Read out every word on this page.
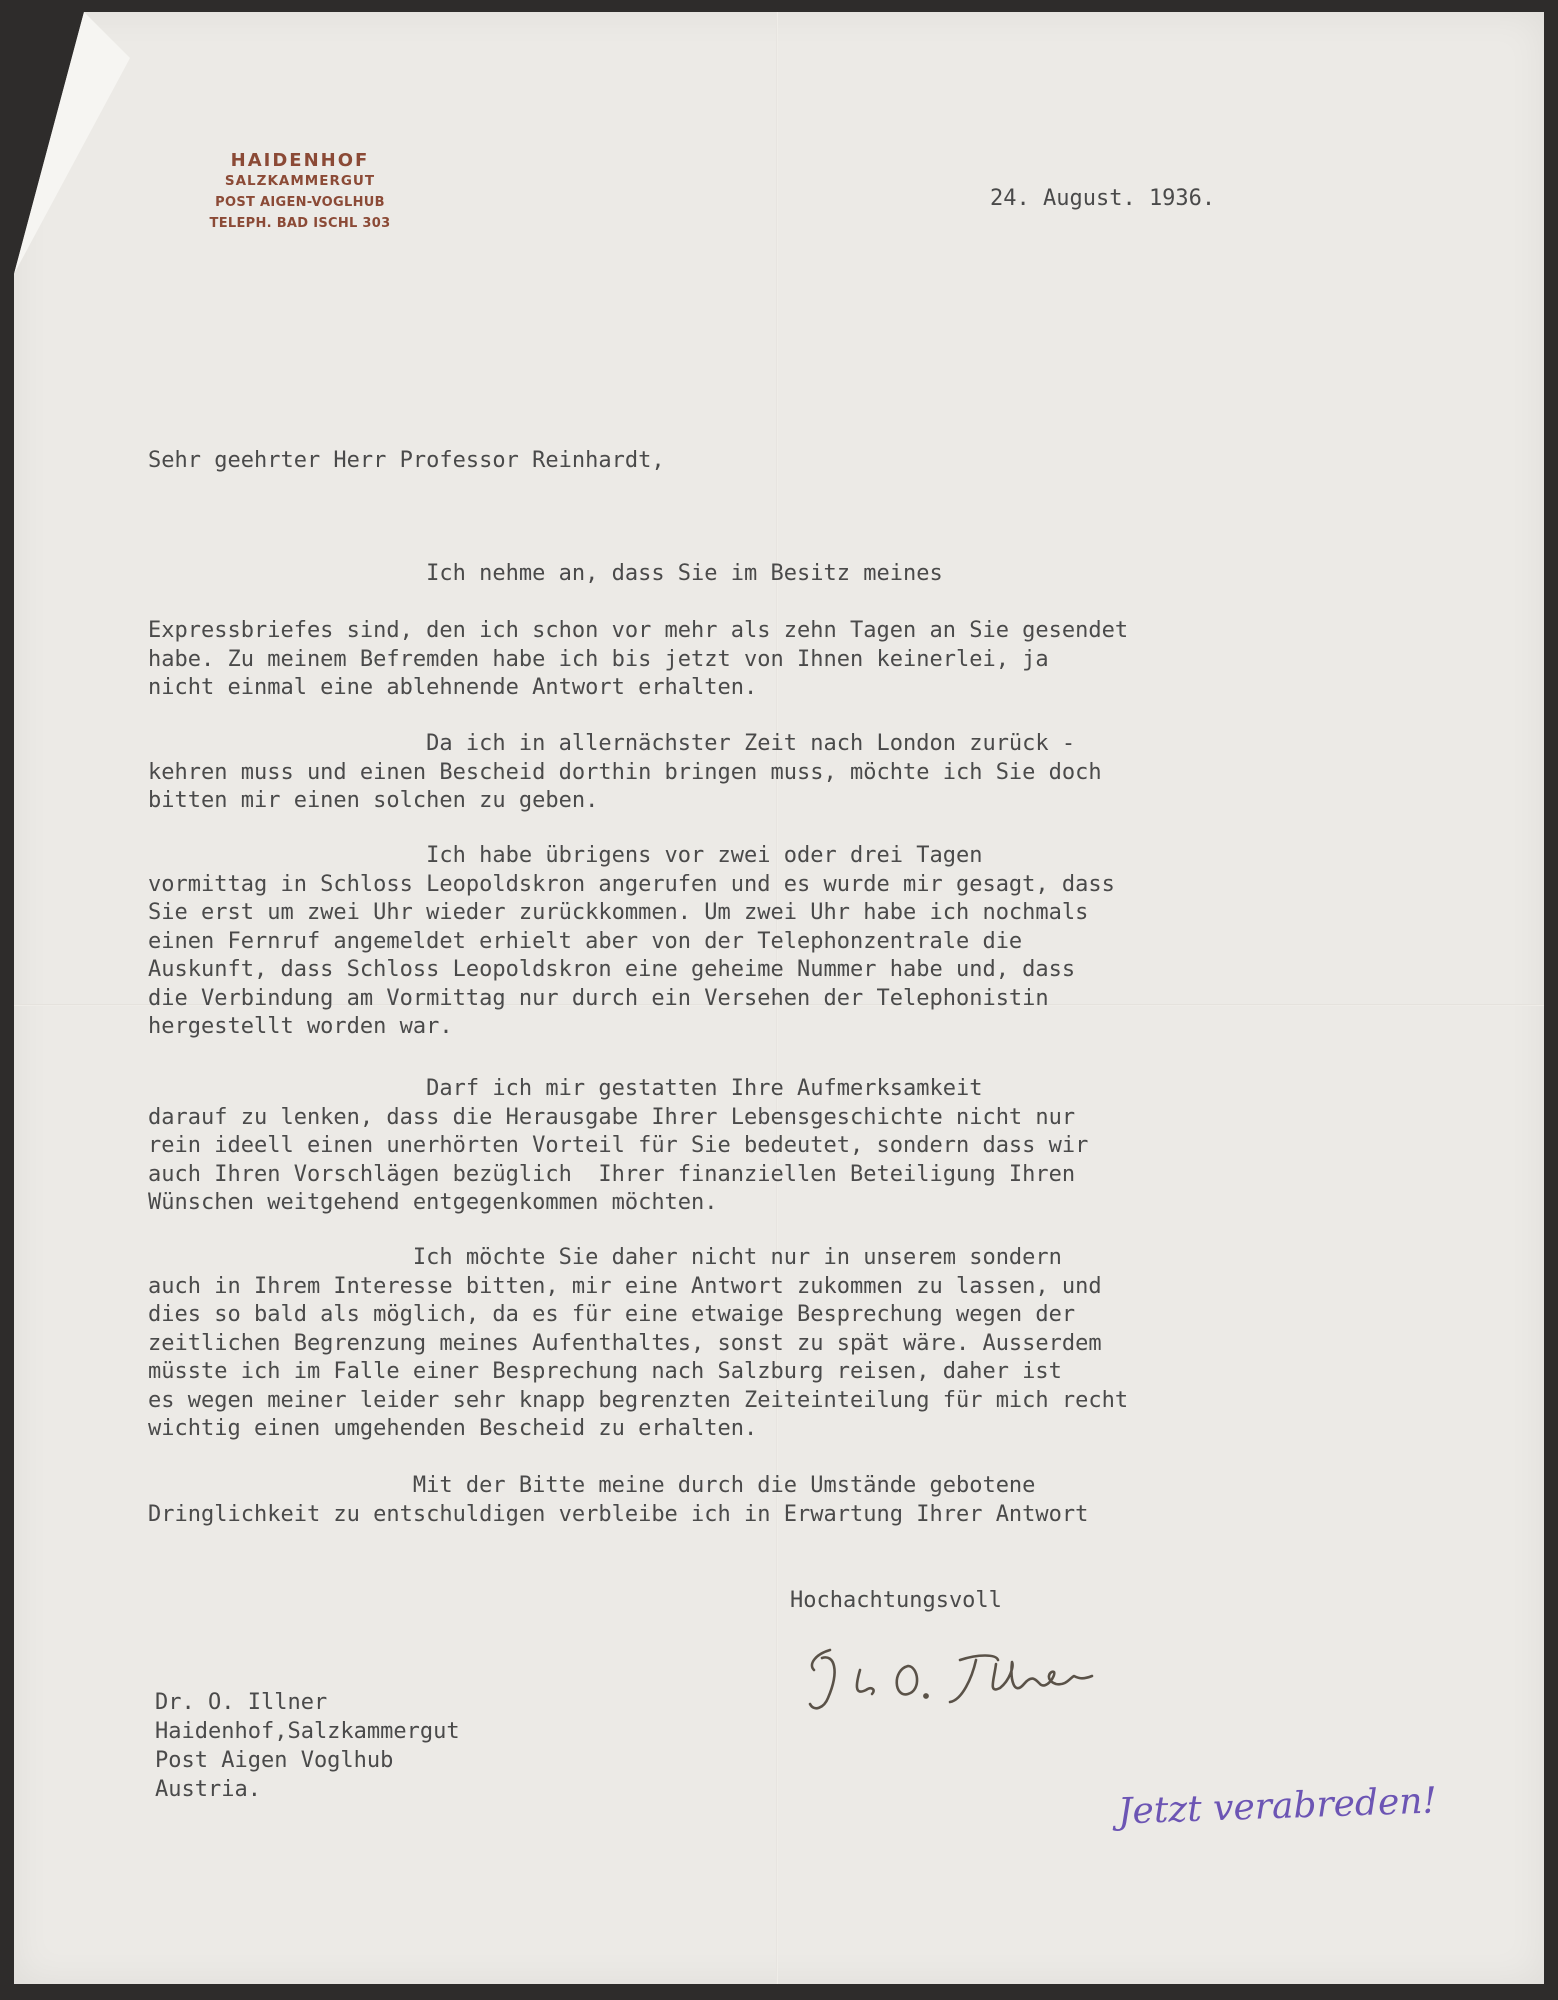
HAIDENHOF
SALZKAMMERGUT
POST AIGEN-VOGLHUB
TELEPH. BAD ISCHL 303
24. August. 1936.
Sehr geehrter Herr Professor Reinhardt,
Ich nehme an, dass Sie im Besitz meines

Expressbriefes sind, den ich schon vor mehr als zehn Tagen an Sie gesendet
habe. Zu meinem Befremden habe ich bis jetzt von Ihnen keinerlei, ja
nicht einmal eine ablehnende Antwort erhalten.
Da ich in allernächster Zeit nach London zurück -
kehren muss und einen Bescheid dorthin bringen muss, möchte ich Sie doch
bitten mir einen solchen zu geben.
Ich habe übrigens vor zwei oder drei Tagen
vormittag in Schloss Leopoldskron angerufen und es wurde mir gesagt, dass
Sie erst um zwei Uhr wieder zurückkommen. Um zwei Uhr habe ich nochmals
einen Fernruf angemeldet erhielt aber von der Telephonzentrale die
Auskunft, dass Schloss Leopoldskron eine geheime Nummer habe und, dass
die Verbindung am Vormittag nur durch ein Versehen der Telephonistin
hergestellt worden war.
Darf ich mir gestatten Ihre Aufmerksamkeit
darauf zu lenken, dass die Herausgabe Ihrer Lebensgeschichte nicht nur
rein ideell einen unerhörten Vorteil für Sie bedeutet, sondern dass wir
auch Ihren Vorschlägen bezüglich  Ihrer finanziellen Beteiligung Ihren
Wünschen weitgehend entgegenkommen möchten.
Ich möchte Sie daher nicht nur in unserem sondern
auch in Ihrem Interesse bitten, mir eine Antwort zukommen zu lassen, und
dies so bald als möglich, da es für eine etwaige Besprechung wegen der
zeitlichen Begrenzung meines Aufenthaltes, sonst zu spät wäre. Ausserdem
müsste ich im Falle einer Besprechung nach Salzburg reisen, daher ist
es wegen meiner leider sehr knapp begrenzten Zeiteinteilung für mich recht
wichtig einen umgehenden Bescheid zu erhalten.
Mit der Bitte meine durch die Umstände gebotene
Dringlichkeit zu entschuldigen verbleibe ich in Erwartung Ihrer Antwort
Hochachtungsvoll
Dr. O. Illner
Haidenhof,Salzkammergut
Post Aigen Voglhub
Austria.	Jetzt verabreden!
